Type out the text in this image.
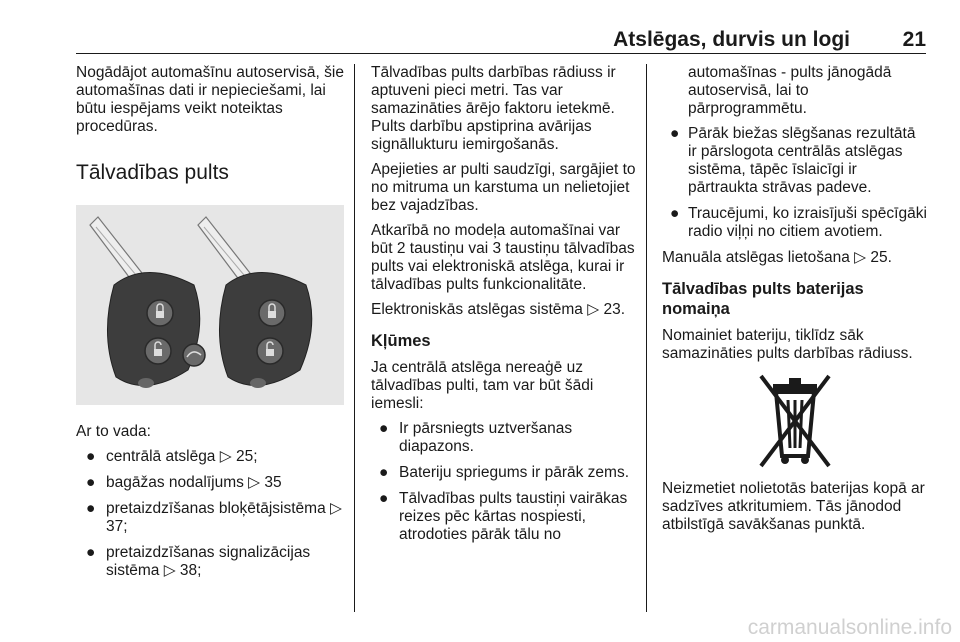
Atslēgas, durvis un logi	21

Nogādājot automašīnu autoservisā, šie automašīnas dati ir nepieciešami, lai būtu iespējams veikt noteiktas procedūras.

Tālvadības pults

Ar to vada:

● centrālā atslēga ▷ 25;
● bagāžas nodalījums ▷ 35
● pretaizdzīšanas bloķētājsistēma ▷ 37;
● pretaizdzīšanas signalizācijas sistēma ▷ 38;

Tālvadības pults darbības rādiuss ir aptuveni pieci metri. Tas var samazināties ārējo faktoru ietekmē. Pults darbību apstiprina avārijas signāllukturu iemirgošanās.

Apejieties ar pulti saudzīgi, sargājiet to no mitruma un karstuma un nelietojiet bez vajadzības.

Atkarībā no modeļa automašīnai var būt 2 taustiņu vai 3 taustiņu tālvadības pults vai elektroniskā atslēga, kurai ir tālvadības pults funkcionalitāte.

Elektroniskās atslēgas sistēma ▷ 23.

Kļūmes

Ja centrālā atslēga nereaģē uz tālvadības pulti, tam var būt šādi iemesli:

● Ir pārsniegts uztveršanas diapazons.
● Bateriju spriegums ir pārāk zems.
● Tālvadības pults taustiņi vairākas reizes pēc kārtas nospiesti, atrodoties pārāk tālu no

automašīnas - pults jānogādā autoservisā, lai to pārprogrammētu.

● Pārāk biežas slēgšanas rezultātā ir pārslogota centrālās atslēgas sistēma, tāpēc īslaicīgi ir pārtraukta strāvas padeve.
● Traucējumi, ko izraisījuši spēcīgāki radio viļņi no citiem avotiem.

Manuāla atslēgas lietošana ▷ 25.

Tālvadības pults baterijas nomaiņa

Nomainiet bateriju, tiklīdz sāk samazināties pults darbības rādiuss.

Neizmetiet nolietotās baterijas kopā ar sadzīves atkritumiem. Tās jānodod atbilstīgā savākšanas punktā.

carmanualsonline.info
